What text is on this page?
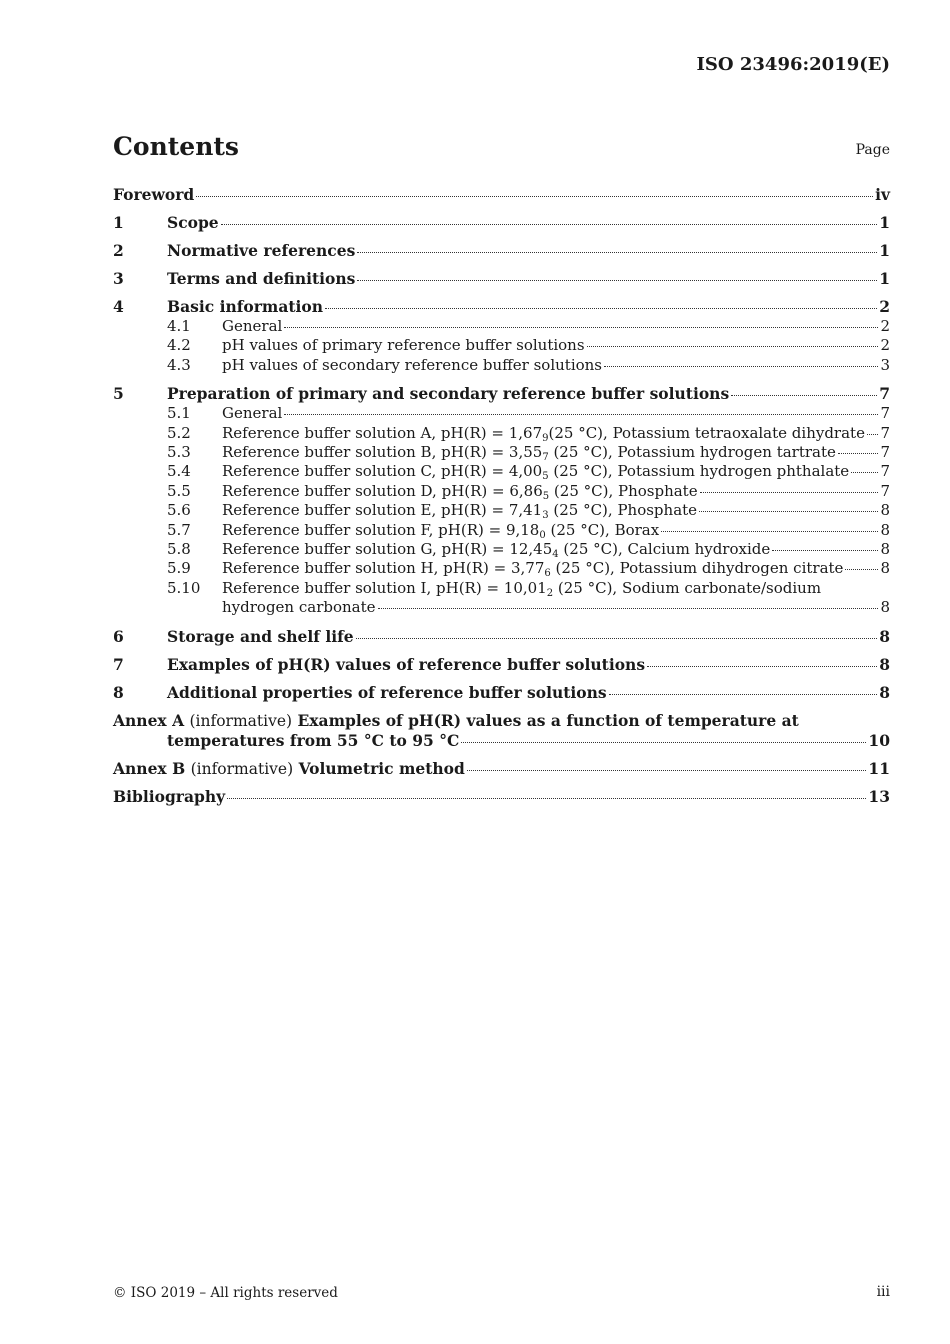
ISO 23496:2019(E)
Contents	Page
Foreword	iv
1	Scope	1
2	Normative references	1
3	Terms and definitions	1
4	Basic information	2
4.1	General	2
4.2	pH values of primary reference buffer solutions	2
4.3	pH values of secondary reference buffer solutions	3
5	Preparation of primary and secondary reference buffer solutions	7
5.1	General	7
5.2	Reference buffer solution A, $pH(R) = 1,67_9(25$ °C), Potassium tetraoxalate dihydrate 7
5.3	Reference buffer solution B, $pH(R) = 3,55_7$ (25 °C), Potassium hydrogen tartrate	7
5.4	Reference buffer solution C, $pH(R) = 4,00_5$ (25 °C), Potassium hydrogen phthalate 7
5.5	Reference buffer solution D, $pH(R) = 6,86_5$ (25 °C), Phosphate	7
5.6	Reference buffer solution E, $pH(R) = 7,41_3$ (25 °C), Phosphate	8
5.7	Reference buffer solution F, $pH(R) = 9,18_0$ (25 °C), Borax	8
5.8	Reference buffer solution G, $pH(R) = 12,45_4$ (25 °C), Calcium hydroxide	8
5.9	Reference buffer solution H, $pH(R) = 3,77_6$ (25 °C), Potassium dihydrogen citrate 8
5.10	Reference buffer solution I, $pH(R) = 10,01_2$ (25 °C), Sodium carbonate/sodium
hydrogen carbonate	8
6	Storage and shelf life	8
7	Examples of pH(R) values of reference buffer solutions	8
8	Additional properties of reference buffer solutions	8
Annex A (informative) Examples of pH(R) values as a function of temperature at
temperatures from 55 °C to 95 °C	10
Annex B (informative) Volumetric method	11
Bibliography	13
© ISO 2019 – All rights reserved	iii
